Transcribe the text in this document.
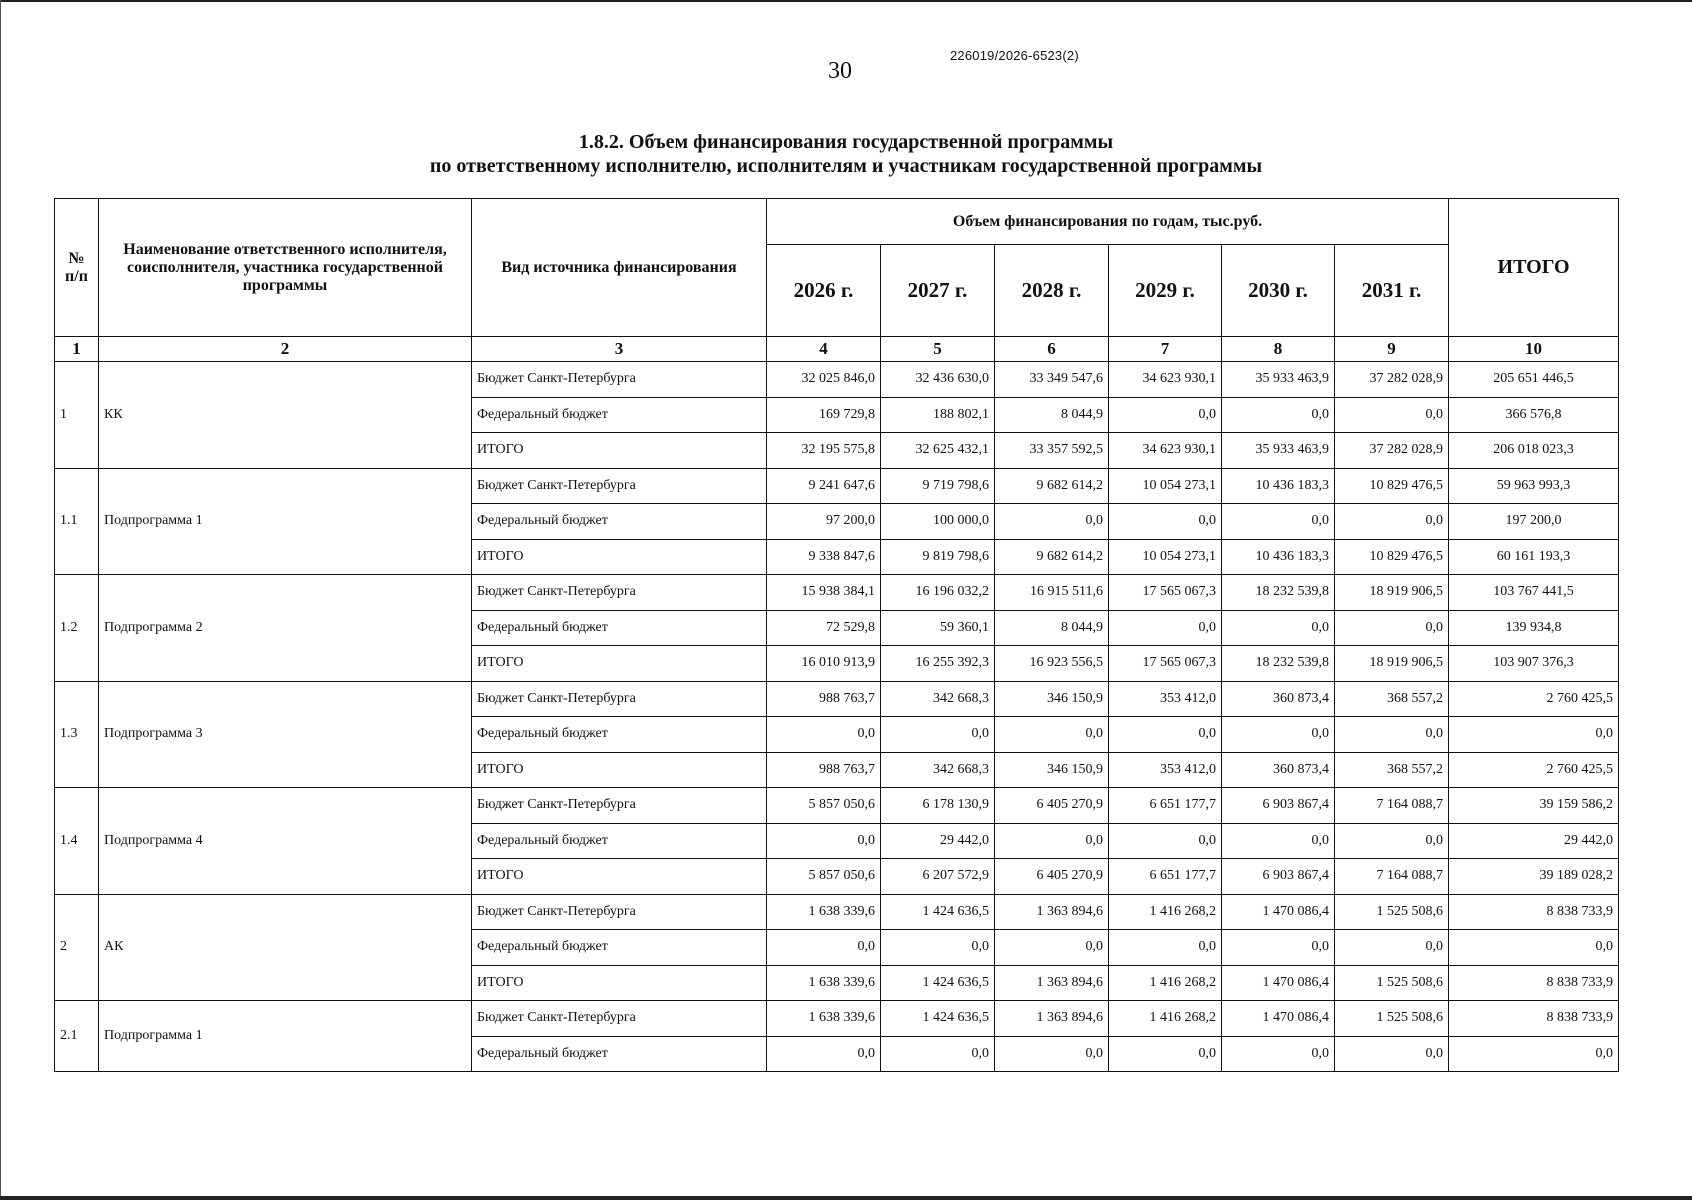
30
226019/2026-6523(2)
1.8.2. Объем финансирования государственной программы
по ответственному исполнителю, исполнителям и участникам государственной программы
№ п/п	Наименование ответственного исполнителя, соисполнителя, участника государственной программы	Вид источника финансирования	Объем финансирования по годам, тыс.руб.						ИТОГО
			2026 г.	2027 г.	2028 г.	2029 г.	2030 г.	2031 г.	
1	2	3	4	5	6	7	8	9	10
1	КК	Бюджет Санкт-Петербурга	32 025 846,0	32 436 630,0	33 349 547,6	34 623 930,1	35 933 463,9	37 282 028,9	205 651 446,5
		Федеральный бюджет	169 729,8	188 802,1	8 044,9	0,0	0,0	0,0	366 576,8
		ИТОГО	32 195 575,8	32 625 432,1	33 357 592,5	34 623 930,1	35 933 463,9	37 282 028,9	206 018 023,3
1.1	Подпрограмма 1	Бюджет Санкт-Петербурга	9 241 647,6	9 719 798,6	9 682 614,2	10 054 273,1	10 436 183,3	10 829 476,5	59 963 993,3
		Федеральный бюджет	97 200,0	100 000,0	0,0	0,0	0,0	0,0	197 200,0
		ИТОГО	9 338 847,6	9 819 798,6	9 682 614,2	10 054 273,1	10 436 183,3	10 829 476,5	60 161 193,3
1.2	Подпрограмма 2	Бюджет Санкт-Петербурга	15 938 384,1	16 196 032,2	16 915 511,6	17 565 067,3	18 232 539,8	18 919 906,5	103 767 441,5
		Федеральный бюджет	72 529,8	59 360,1	8 044,9	0,0	0,0	0,0	139 934,8
		ИТОГО	16 010 913,9	16 255 392,3	16 923 556,5	17 565 067,3	18 232 539,8	18 919 906,5	103 907 376,3
1.3	Подпрограмма 3	Бюджет Санкт-Петербурга	988 763,7	342 668,3	346 150,9	353 412,0	360 873,4	368 557,2	2 760 425,5
		Федеральный бюджет	0,0	0,0	0,0	0,0	0,0	0,0	0,0
		ИТОГО	988 763,7	342 668,3	346 150,9	353 412,0	360 873,4	368 557,2	2 760 425,5
1.4	Подпрограмма 4	Бюджет Санкт-Петербурга	5 857 050,6	6 178 130,9	6 405 270,9	6 651 177,7	6 903 867,4	7 164 088,7	39 159 586,2
		Федеральный бюджет	0,0	29 442,0	0,0	0,0	0,0	0,0	29 442,0
		ИТОГО	5 857 050,6	6 207 572,9	6 405 270,9	6 651 177,7	6 903 867,4	7 164 088,7	39 189 028,2
2	АК	Бюджет Санкт-Петербурга	1 638 339,6	1 424 636,5	1 363 894,6	1 416 268,2	1 470 086,4	1 525 508,6	8 838 733,9
		Федеральный бюджет	0,0	0,0	0,0	0,0	0,0	0,0	0,0
		ИТОГО	1 638 339,6	1 424 636,5	1 363 894,6	1 416 268,2	1 470 086,4	1 525 508,6	8 838 733,9
2.1	Подпрограмма 1	Бюджет Санкт-Петербурга	1 638 339,6	1 424 636,5	1 363 894,6	1 416 268,2	1 470 086,4	1 525 508,6	8 838 733,9
		Федеральный бюджет	0,0	0,0	0,0	0,0	0,0	0,0	0,0
